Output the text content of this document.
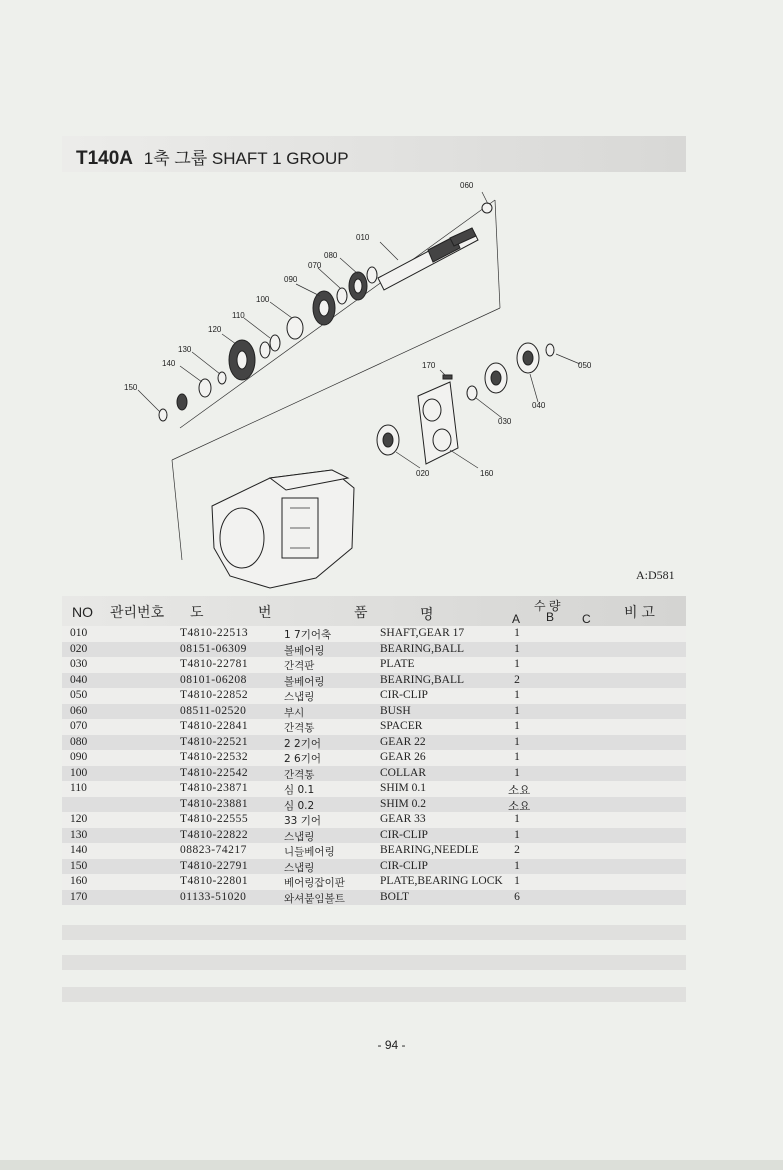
T140A 1축 그룹 SHAFT 1 GROUP
060
010
080
070
090
100
110
120
130
140
150
170	050
040
030
020	160
A:D581
NO 관리번호 도	번	품	명	수 량
A B C 비 고
010	T4810-22513	1 7기어축	SHAFT,GEAR 17	1
020	08151-06309	볼베어링	BEARING,BALL	1
030	T4810-22781	간격판	PLATE	1
040	08101-06208	볼베어링	BEARING,BALL	2
050	T4810-22852	스냅링	CIR-CLIP	1
060	08511-02520	부시	BUSH	1
070	T4810-22841	간격통	SPACER	1
080	T4810-22521	2 2기어	GEAR 22	1
090	T4810-22532	2 6기어	GEAR 26	1
100	T4810-22542	간격통	COLLAR	1
110	T4810-23871	심 0.1	SHIM 0.1	소요
T4810-23881	심 0.2	SHIM 0.2	소요
120	T4810-22555	33 기어	GEAR 33	1
130	T4810-22822	스냅링	CIR-CLIP	1
140	08823-74217	니들베어링	BEARING,NEEDLE	2
150	T4810-22791	스냅링	CIR-CLIP	1
160	T4810-22801	베어링잡이판	PLATE,BEARING LOCK 1
170	01133-51020	와셔붙임볼트	BOLT	6
- 94 -
